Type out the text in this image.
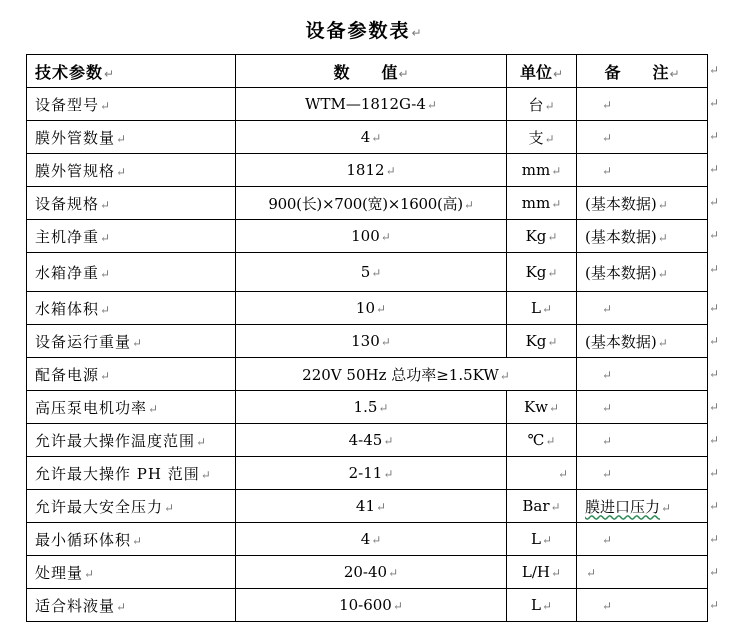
设备参数表↵
技术参数↵	数　　值↵	单位↵	备　　注↵
设备型号↵	WTM—1812G-4↵	台↵	↵
膜外管数量↵	4↵	支↵	↵
膜外管规格↵	1812↵	mm↵	↵
设备规格↵	900(长)×700(宽)×1600(高)↵	mm↵	(基本数据)↵
主机净重↵	100↵	Kg↵	(基本数据)↵
水箱净重↵	5↵	Kg↵	(基本数据)↵
水箱体积↵	10↵	L↵	↵
设备运行重量↵	130↵	Kg↵	(基本数据)↵
配备电源↵	220V 50Hz 总功率≥1.5KW↵		↵
高压泵电机功率↵	1.5↵	Kw↵	↵
允许最大操作温度范围↵	4-45↵	℃↵	↵
允许最大操作 PH 范围↵	2-11↵	↵	↵
允许最大安全压力↵	41↵	Bar↵	膜进口压力↵
最小循环体积↵	4↵	L↵	↵
处理量↵	20-40↵	L/H↵	↵
适合料液量↵	10-600↵	L↵	↵
↵
↵
↵
↵
↵
↵
↵
↵
↵
↵
↵
↵
↵
↵
↵
↵
↵
